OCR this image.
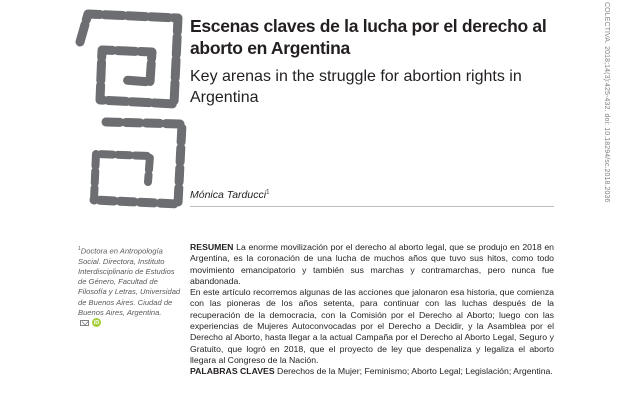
Escenas claves de la lucha por el derecho al aborto en Argentina
Key arenas in the struggle for abortion rights in Argentina
Mónica Tarducci$^1$	COLECTIVA. 2018;14(3):425-432. doi: 10.18294/sc.2018.2036
$^1$Doctora en Antropología Social. Directora, Instituto Interdisciplinario de Estudios de Género, Facultad de Filosofía y Letras, Universidad de Buenos Aires. Ciudad de Buenos Aires, Argentina.
iD

RESUMEN La enorme movilización por el derecho al aborto legal, que se produjo en 2018 en Argentina, es la coronación de una lucha de muchos años que tuvo sus hitos, como todo movimiento emancipatorio y también sus marchas y contramarchas, pero nunca fue abandonada.

En este artículo recorremos algunas de las acciones que jalonaron esa historia, que comienza con las pioneras de los años setenta, para continuar con las luchas después de la recuperación de la democracia, con la Comisión por el Derecho al Aborto; luego con las experiencias de Mujeres Autoconvocadas por el Derecho a Decidir, y la Asamblea por el Derecho al Aborto, hasta llegar a la actual Campaña por el Derecho al Aborto Legal, Seguro y Gratuito, que logró en 2018, que el proyecto de ley que despenaliza y legaliza el aborto llegara al Congreso de la Nación.

PALABRAS CLAVES Derechos de la Mujer; Feminismo; Aborto Legal; Legislación; Argentina.
